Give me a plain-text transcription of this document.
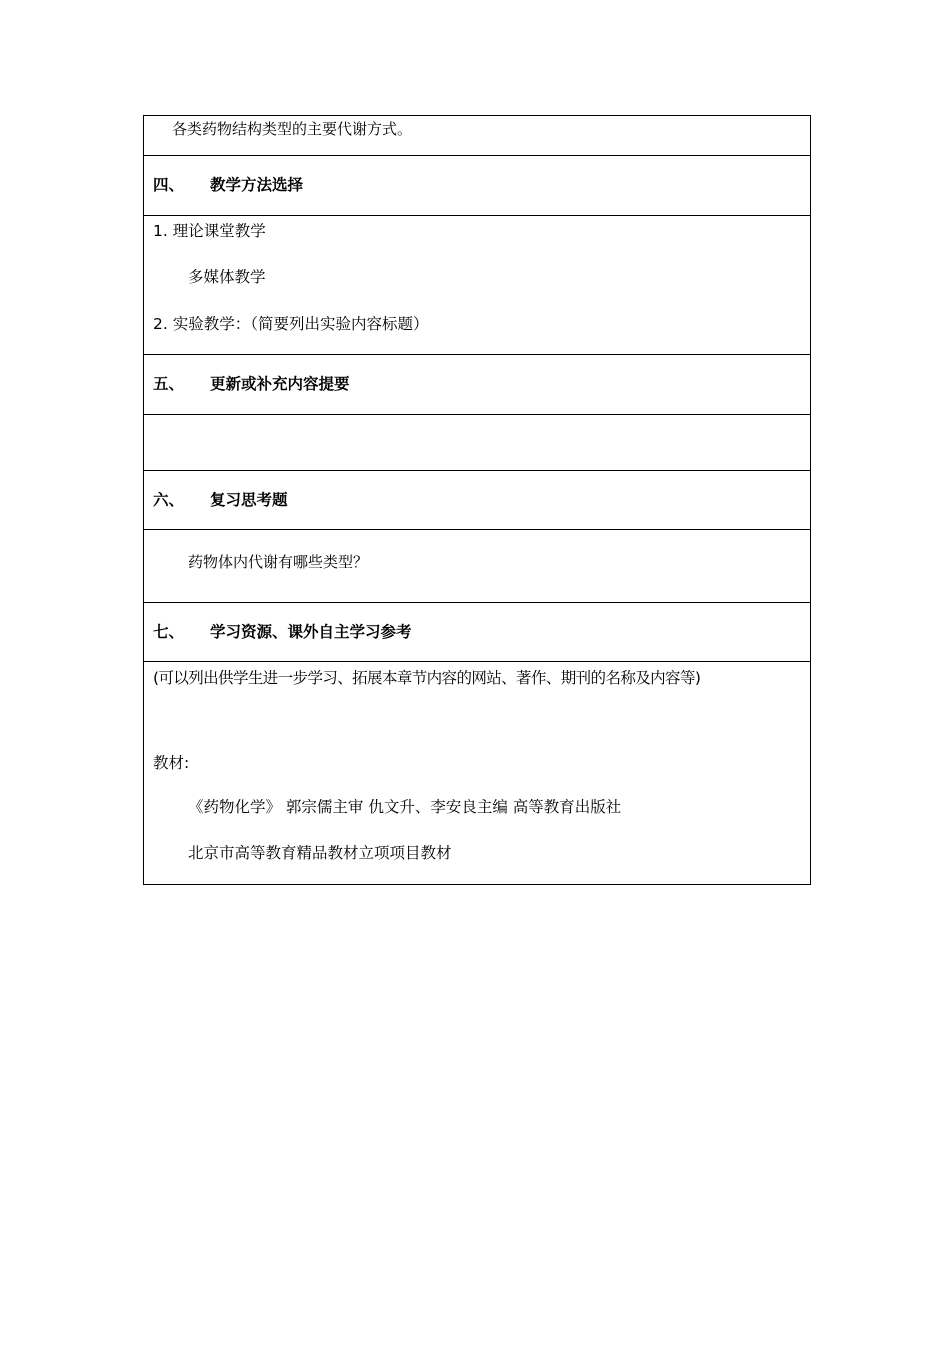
各类药物结构类型的主要代谢方式。
四、 教学方法选择
1. 理论课堂教学
多媒体教学
2. 实验教学：（简要列出实验内容标题）
五、 更新或补充内容提要
六、 复习思考题
药物体内代谢有哪些类型？
七、 学习资源、课外自主学习参考
(可以列出供学生进一步学习、拓展本章节内容的网站、著作、期刊的名称及内容等)
教材:
《药物化学》 郭宗儒主审 仇文升、李安良主编 高等教育出版社
北京市高等教育精品教材立项项目教材
